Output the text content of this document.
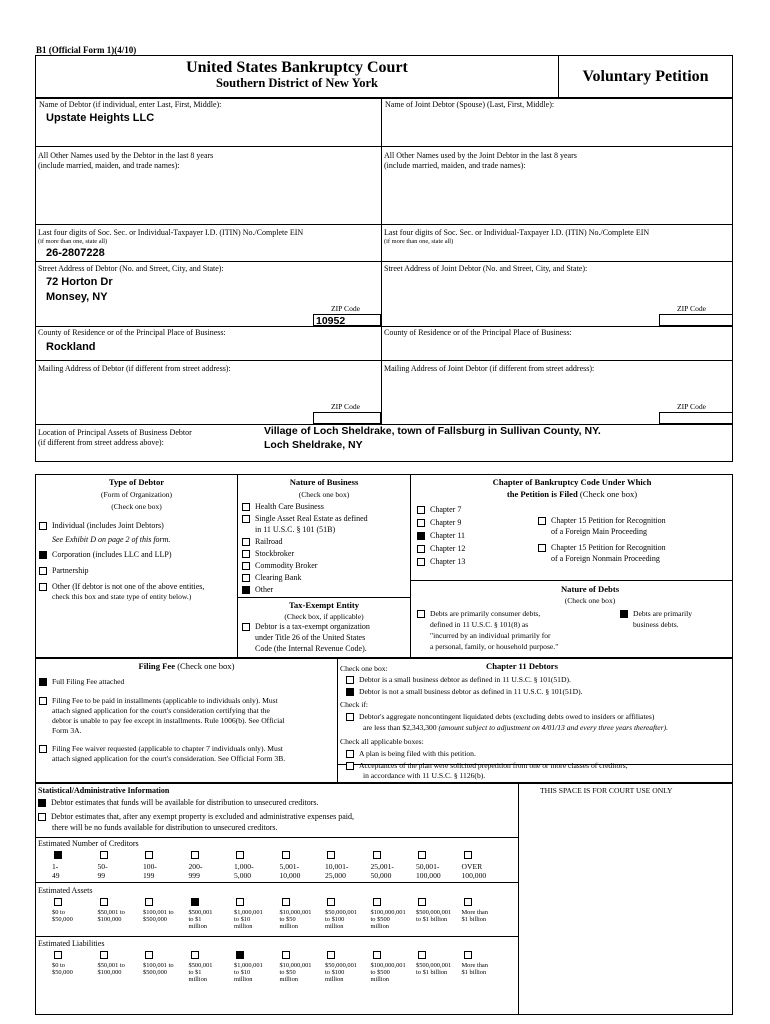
B1 (Official Form 1)(4/10)
United States Bankruptcy Court
Southern District of New York	Voluntary Petition
Name of Debtor (if individual, enter Last, First, Middle):
Upstate Heights LLC
Name of Joint Debtor (Spouse) (Last, First, Middle):
All Other Names used by the Debtor in the last 8 years
(include married, maiden, and trade names):
All Other Names used by the Joint Debtor in the last 8 years
(include married, maiden, and trade names):
Last four digits of Soc. Sec. or Individual-Taxpayer I.D. (ITIN) No./Complete EIN
(if more than one, state all)
26-2807228
Last four digits of Soc. Sec. or Individual-Taxpayer I.D. (ITIN) No./Complete EIN
(if more than one, state all)
Street Address of Debtor (No. and Street, City, and State):
72 Horton Dr
Monsey, NY
ZIP Code
10952
Street Address of Joint Debtor (No. and Street, City, and State):
ZIP Code
County of Residence or of the Principal Place of Business:
Rockland
County of Residence or of the Principal Place of Business:
Mailing Address of Debtor (if different from street address):
ZIP Code
Mailing Address of Joint Debtor (if different from street address):
ZIP Code
Location of Principal Assets of Business Debtor
(if different from street address above):
Village of Loch Sheldrake, town of Fallsburg in Sullivan County, NY.
Loch Sheldrake, NY
Type of Debtor
(Form of Organization)
(Check one box)
Individual (includes Joint Debtors)
See Exhibit D on page 2 of this form.
Corporation (includes LLC and LLP)
Partnership
Other (If debtor is not one of the above entities,
check this box and state type of entity below.)
Nature of Business
(Check one box)
Health Care Business
Single Asset Real Estate as defined
in 11 U.S.C. § 101 (51B)
Railroad
Stockbroker
Commodity Broker
Clearing Bank
Other
Tax-Exempt Entity
(Check box, if applicable)
Debtor is a tax-exempt organization
under Title 26 of the United States
Code (the Internal Revenue Code).
Chapter of Bankruptcy Code Under Which
the Petition is Filed (Check one box)
Chapter 7
Chapter 9
Chapter 11
Chapter 12
Chapter 13
Chapter 15 Petition for Recognition
of a Foreign Main Proceeding
Chapter 15 Petition for Recognition
of a Foreign Nonmain Proceeding
Nature of Debts
(Check one box)
Debts are primarily consumer debts,
defined in 11 U.S.C. § 101(8) as
"incurred by an individual primarily for
a personal, family, or household purpose."
Debts are primarily
business debts.
Filing Fee (Check one box)
Full Filing Fee attached
Filing Fee to be paid in installments (applicable to individuals only). Must
attach signed application for the court's consideration certifying that the
debtor is unable to pay fee except in installments. Rule 1006(b). See Official
Form 3A.
Filing Fee waiver requested (applicable to chapter 7 individuals only). Must
attach signed application for the court's consideration. See Official Form 3B.
Check one box:	Chapter 11 Debtors
Debtor is a small business debtor as defined in 11 U.S.C. § 101(51D).
Debtor is not a small business debtor as defined in 11 U.S.C. § 101(51D).
Check if:
Debtor's aggregate noncontingent liquidated debts (excluding debts owed to insiders or affiliates)
are less than $2,343,300 (amount subject to adjustment on 4/01/13 and every three years thereafter).
Check all applicable boxes:
A plan is being filed with this petition.
Acceptances of the plan were solicited prepetition from one or more classes of creditors,
in accordance with 11 U.S.C. § 1126(b).
Statistical/Administrative Information	THIS SPACE IS FOR COURT USE ONLY
Debtor estimates that funds will be available for distribution to unsecured creditors.
Debtor estimates that, after any exempt property is excluded and administrative expenses paid,
there will be no funds available for distribution to unsecured creditors.
Estimated Number of Creditors
1-
49
50-
99
100-
199
200-
999
1,000-
5,000
5,001-
10,000
10,001-
25,000
25,001-
50,000
50,001-
100,000
OVER
100,000
Estimated Assets
$0 to
$50,000
$50,001 to
$100,000
$100,001 to
$500,000
$500,001
to $1
million
$1,000,001
to $10
million
$10,000,001
to $50
million
$50,000,001
to $100
million
$100,000,001
to $500
million
$500,000,001
to $1 billion
More than
$1 billion
Estimated Liabilities
$0 to
$50,000
$50,001 to
$100,000
$100,001 to
$500,000
$500,001
to $1
million
$1,000,001
to $10
million
$10,000,001
to $50
million
$50,000,001
to $100
million
$100,000,001
to $500
million
$500,000,001
to $1 billion
More than
$1 billion
